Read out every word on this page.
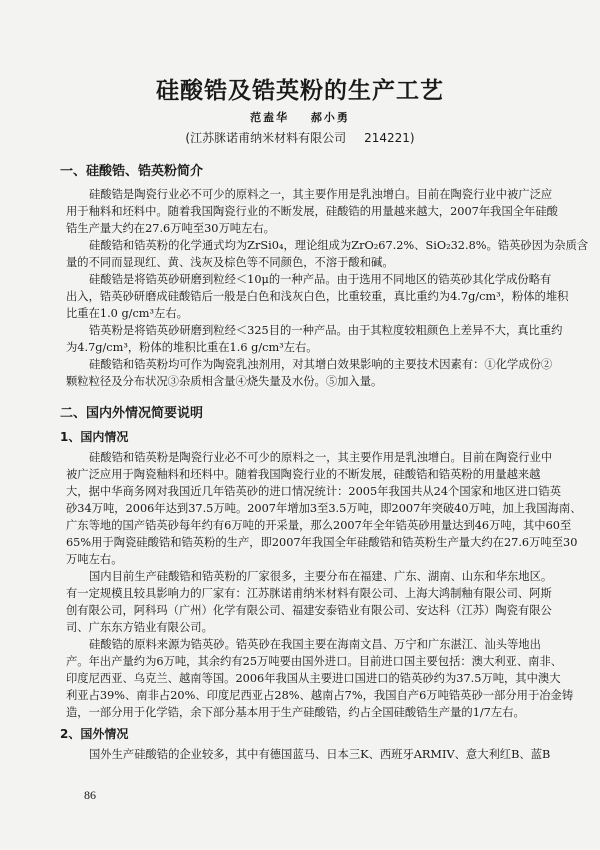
硅酸锆及锆英粉的生产工艺
范盍华 郝小勇
(江苏脒诺甫纳米材料有限公司 214221)
一、硅酸锆、锆英粉简介
硅酸锆是陶瓷行业必不可少的原料之一，其主要作用是乳浊增白。目前在陶瓷行业中被广泛应
用于釉料和坯料中。随着我国陶瓷行业的不断发展，硅酸锆的用量越来越大，2007年我国全年硅酸
锆生产量大约在27.6万吨至30万吨左右。
硅酸锆和锆英粉的化学通式均为ZrSi0₄，理论组成为ZrO₂67.2%、SiO₂32.8%。锆英砂因为杂质含
量的不同而显现红、黄、浅灰及棕色等不同颜色，不溶于酸和碱。
硅酸锆是将锆英砂研磨到粒经＜10μ的一种产品。由于选用不同地区的锆英砂其化学成份略有
出入，锆英砂研磨成硅酸锆后一般是白色和浅灰白色，比重较重，真比重约为4.7g/cm³，粉体的堆积
比重在1.0 g/cm³左右。
锆英粉是将锆英砂研磨到粒经＜325目的一种产品。由于其粒度较粗颜色上差异不大，真比重约
为4.7g/cm³，粉体的堆积比重在1.6 g/cm³左右。
硅酸锆和锆英粉均可作为陶瓷乳浊剂用，对其增白效果影响的主要技术因素有：①化学成份②
颗粒粒径及分布状况③杂质相含量④烧失量及水份。⑤加入量。
二、国内外情况简要说明
1、国内情况
硅酸锆和锆英粉是陶瓷行业必不可少的原料之一，其主要作用是乳浊增白。目前在陶瓷行业中
被广泛应用于陶瓷釉料和坯料中。随着我国陶瓷行业的不断发展，硅酸锆和锆英粉的用量越来越
大，据中华商务网对我国近几年锆英砂的进口情况统计：2005年我国共从24个国家和地区进口锆英
砂34万吨，2006年达到37.5万吨。2007年增加3至3.5万吨，即2007年突破40万吨，加上我国海南、
广东等地的国产锆英砂每年约有6万吨的开采量，那么2007年全年锆英砂用量达到46万吨，其中60至
65%用于陶瓷硅酸锆和锆英粉的生产，即2007年我国全年硅酸锆和锆英粉生产量大约在27.6万吨至30
万吨左右。
国内目前生产硅酸锆和锆英粉的厂家很多，主要分布在福建、广东、湖南、山东和华东地区。
有一定规模且较具影响力的厂家有：江苏脒诺甫纳米材料有限公司、上海大鸿制釉有限公司、阿斯
创有限公司，阿科玛（广州）化学有限公司、福建安泰锆业有限公司、安达科（江苏）陶瓷有限公
司、广东东方锆业有限公司。
硅酸锆的原料来源为锆英砂。锆英砂在我国主要在海南文昌、万宁和广东湛江、汕头等地出
产。年出产量约为6万吨，其余约有25万吨要由国外进口。目前进口国主要包括：澳大利亚、南非、
印度尼西亚、乌克兰、越南等国。2006年我国从主要进口国进口的锆英砂约为37.5万吨，其中澳大
利亚占39%、南非占20%、印度尼西亚占28%、越南占7%，我国自产6万吨锆英砂一部分用于冶金铸
造，一部分用于化学锆，余下部分基本用于生产硅酸锆，约占全国硅酸锆生产量的1/7左右。
2、国外情况
国外生产硅酸锆的企业较多，其中有德国蓝马、日本三K、西班牙ARMIV、意大利红B、蓝B
86
